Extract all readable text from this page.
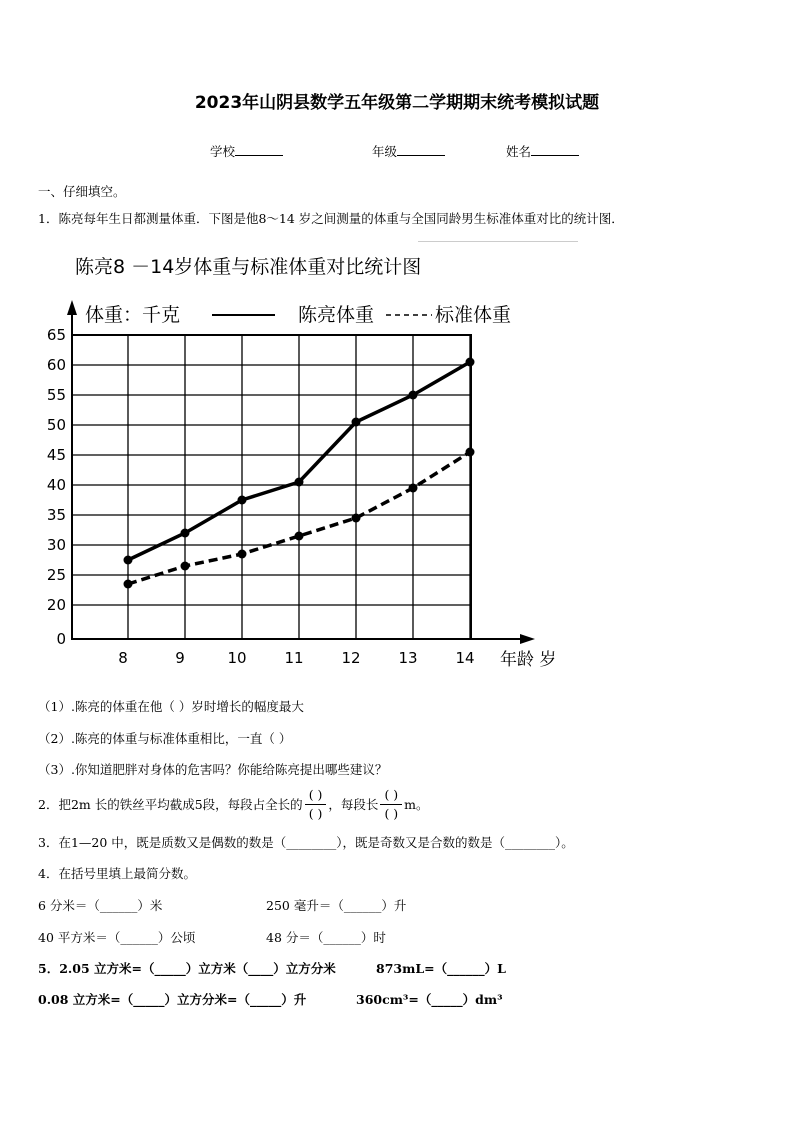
2023年山阴县数学五年级第二学期期末统考模拟试题
学校	年级	姓名
一、仔细填空。
1．陈亮每年生日都测量体重．下图是他8～14 岁之间测量的体重与全国同龄男生标准体重对比的统计图．
陈亮8 －14岁体重与标准体重对比统计图
0
20
25
30
35
40
45
50
55
60
65
8	9	10	11	12	13	14 年龄 岁
体重：千克	陈亮体重	标准体重
（1）.陈亮的体重在他（ ）岁时增长的幅度最大
（2）.陈亮的体重与标准体重相比，一直（ ）
（3）.你知道肥胖对身体的危害吗？你能给陈亮提出哪些建议？
2．把2m 长的铁丝平均截成5段，每段占全长的 $\frac{( )}{( )}$ ，每段长 $\frac{( )}{( )}$ m。
3．在1—20 中，既是质数又是偶数的数是（________），既是奇数又是合数的数是（________）。
4．在括号里填上最简分数。
6 分米＝（______）米	250 毫升＝（______）升
40 平方米＝（______）公顷	48 分＝（______）时
5．2.05 立方米=（_____）立方米（____）立方分米	873mL=（______）L
0.08 立方米=（_____）立方分米=（_____）升	360cm³=（_____）dm³
